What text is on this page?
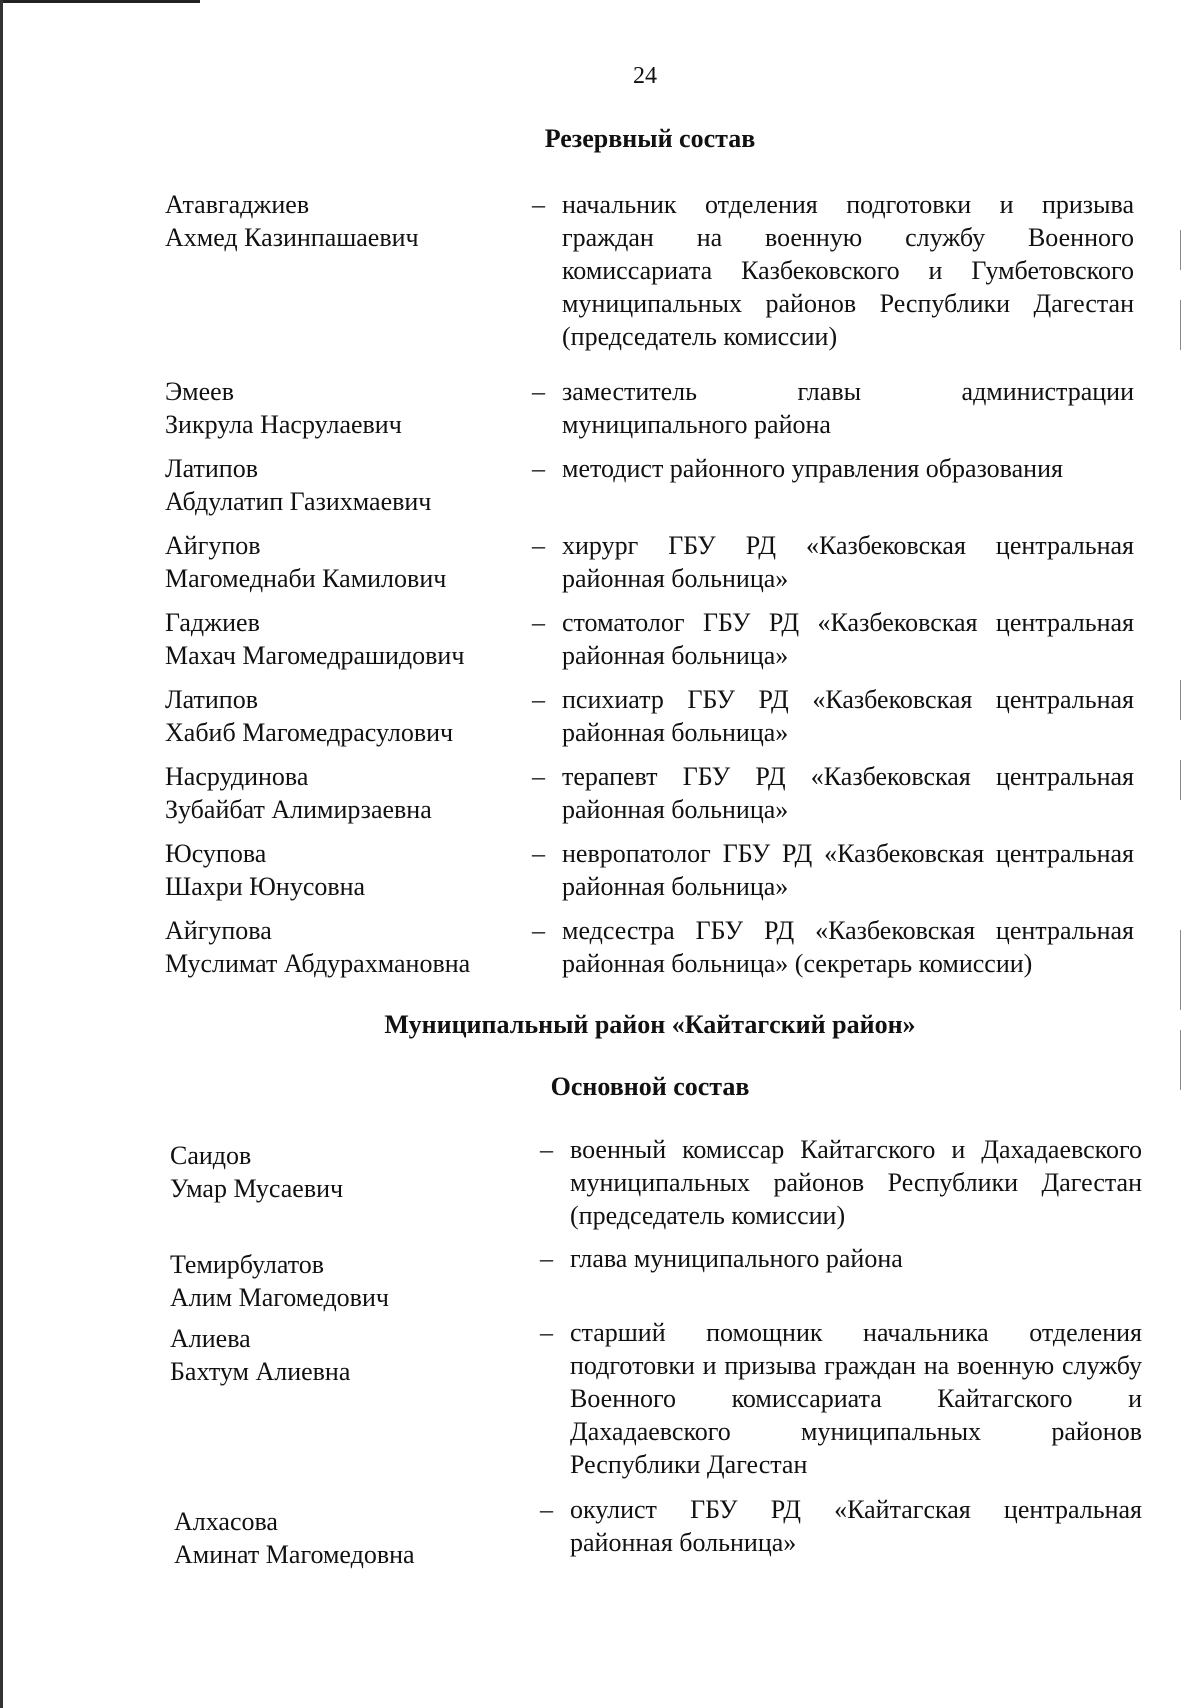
24
Резервный состав
Атавгаджиев
Ахмед Казинпашаевич
– начальник отделения подготовки и призыва граждан на военную службу Военного комиссариата Казбековского и Гумбетовского муниципальных районов Республики Дагестан (председатель комиссии)
Эмеев
Зикрула Насрулаевич
– заместитель главы администрации муниципального района
Латипов
Абдулатип Газихмаевич
– методист районного управления образования
Айгупов
Магомеднаби Камилович
– хирург ГБУ РД «Казбековская центральная районная больница»
Гаджиев
Махач Магомедрашидович
– стоматолог ГБУ РД «Казбековская центральная районная больница»
Латипов
Хабиб Магомедрасулович
– психиатр ГБУ РД «Казбековская центральная районная больница»
Насрудинова
Зубайбат Алимирзаевна
– терапевт ГБУ РД «Казбековская центральная районная больница»
Юсупова
Шахри Юнусовна
– невропатолог ГБУ РД «Казбековская центральная районная больница»
Айгупова
Муслимат Абдурахмановна
– медсестра ГБУ РД «Казбековская центральная районная больница» (секретарь комиссии)
Муниципальный район «Кайтагский район»
Основной состав
Саидов
Умар Мусаевич
– военный комиссар Кайтагского и Дахадаевского муниципальных районов Республики Дагестан (председатель комиссии)
Темирбулатов
Алим Магомедович
– глава муниципального района
Алиева
Бахтум Алиевна
– старший помощник начальника отделения подготовки и призыва граждан на военную службу Военного комиссариата Кайтагского и Дахадаевского муниципальных районов Республики Дагестан
Алхасова
Аминат Магомедовна
– окулист ГБУ РД «Кайтагская центральная районная больница»
